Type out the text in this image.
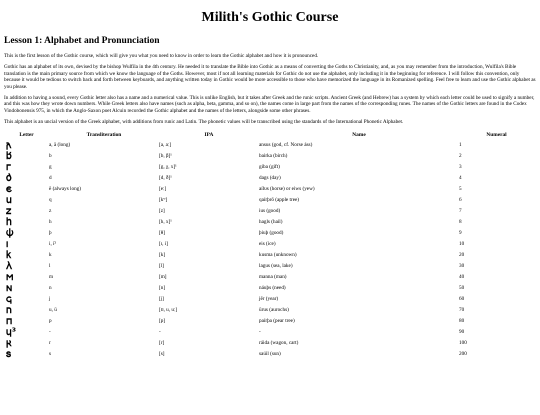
Milith's Gothic Course
Lesson 1: Alphabet and Pronunciation

This is the first lesson of the Gothic course, which will give you what you need to know in order to learn the Gothic alphabet and how it is pronounced.

Gothic has an alphabet of its own, devised by the bishop Wulfila in the 4th century. He needed it to translate the Bible into Gothic as a means of converting the Goths to Christianity, and, as you may remember from the introduction, Wulfila's Bible translation is the main primary source from which we know the language of the Goths. However, most if not all learning materials for Gothic do not use the alphabet, only including it in the beginning for reference. I will follow this convention, only because it would be tedious to switch back and forth between keyboards, and anything written today in Gothic would be more accessible to those who have memorized the language in its Romanized spelling. Feel free to learn and use the Gothic alphabet as you please.

In addition to having a sound, every Gothic letter also has a name and a numerical value. This is unlike English, but it takes after Greek and the runic scripts. Ancient Greek (and Hebrew) has a system by which each letter could be used to signify a number, and this was how they wrote down numbers. While Greek letters also have names (such as alpha, beta, gamma, and so on), the names come in large part from the names of the corresponding runes. The names of the Gothic letters are found in the Codex Vindobonensis 975, in which the Anglo-Saxon poet Alcuin recorded the Gothic alphabet and the names of the letters, alongside some other phrases.

This alphabet is an uncial version of the Greek alphabet, with additions from runic and Latin. The phonetic values will be transcribed using the standards of the International Phonetic Alphabet.

Letter	Transliteration	IPA	Name	Numeral
𐌰	a, ā (long)	[a, aː]	ansus (god, cf. Norse áss)	1
𐌱	b	[b, β]¹	bairka (birch)	2
𐌲	g	[g, χ, x]¹	giba (gift)	3
𐌳	d	[d, ð]¹	dags (day)	4
𐌴	ē (always long)	[eː]	aíƕs (horse) or eiws (yew)	5
𐌵	q	[kʷ]	qaírþrō (apple tree)	6
𐌶	z	[z]	ius (good)	7
𐌷	h	[h, x]¹	hagls (hail)	8
𐌸	þ	[θ]	þiuþ (good)	9
𐌹	i, ï²	[ɪ, i]	eis (ice)	10
𐌺	k	[k]	kusma (unknown)	20
𐌻	l	[l]	lagus (sea, lake)	30
𐌼	m	[m]	manna (man)	40
𐌽	n	[n]	náuþs (need)	50
𐌾	j	[j]	jēr (year)	60
𐌿	u, ū	[ʊ, u, uː]	ūrus (aurochs)	70
𐍀	p	[p]	paírþa (pear tree)	80
𐍁³	-	-	-	90
𐍂	r	[r]	ráida (wagon, cart)	100
𐍃	s	[s]	saúil (sun)	200
